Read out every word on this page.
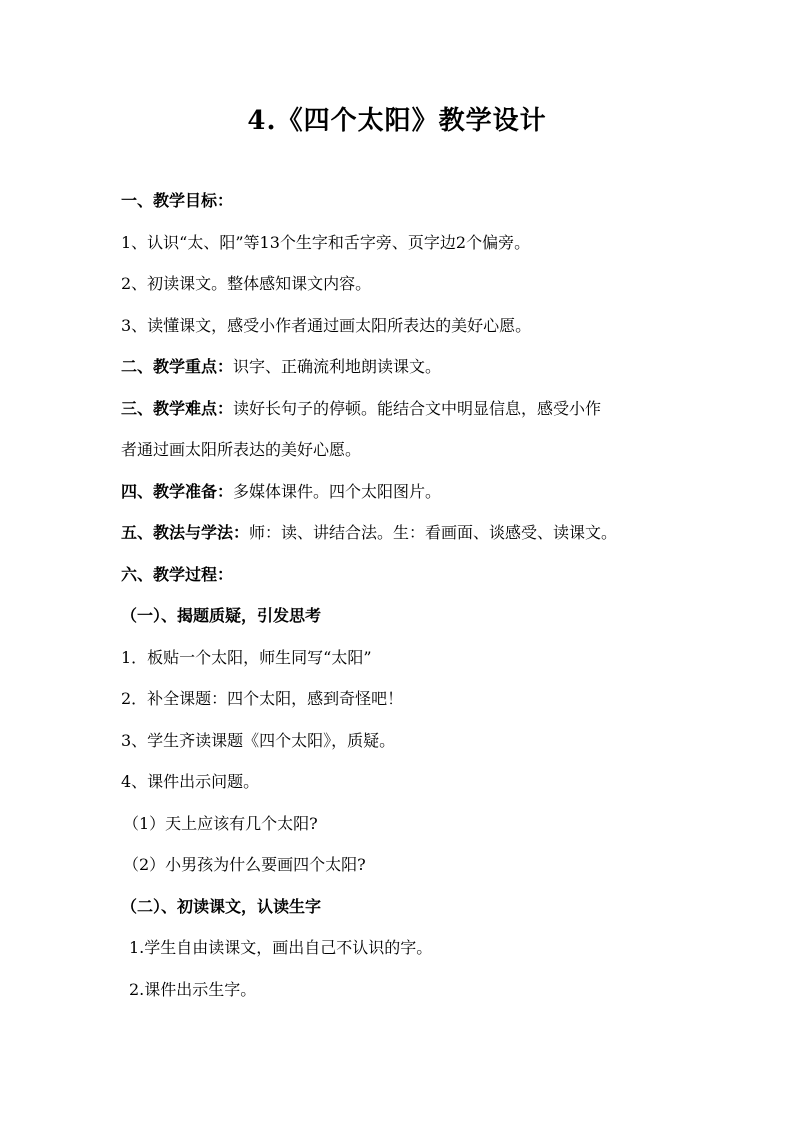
4.《四个太阳》教学设计
一、教学目标：
1、认识“太、阳”等13个生字和舌字旁、页字边2个偏旁。
2、初读课文。整体感知课文内容。
3、读懂课文，感受小作者通过画太阳所表达的美好心愿。
二、教学重点：识字、正确流利地朗读课文。
三、教学难点：读好长句子的停顿。能结合文中明显信息，感受小作
者通过画太阳所表达的美好心愿。
四、教学准备：多媒体课件。四个太阳图片。
五、教法与学法：师：读、讲结合法。生：看画面、谈感受、读课文。
六、教学过程：
（一）、揭题质疑，引发思考
1．板贴一个太阳，师生同写“太阳”
2．补全课题：四个太阳，感到奇怪吧！
3、学生齐读课题《四个太阳》，质疑。
4、课件出示问题。
（1）天上应该有几个太阳?
（2）小男孩为什么要画四个太阳?
（二）、初读课文，认读生字
1.学生自由读课文，画出自己不认识的字。
2.课件出示生字。
